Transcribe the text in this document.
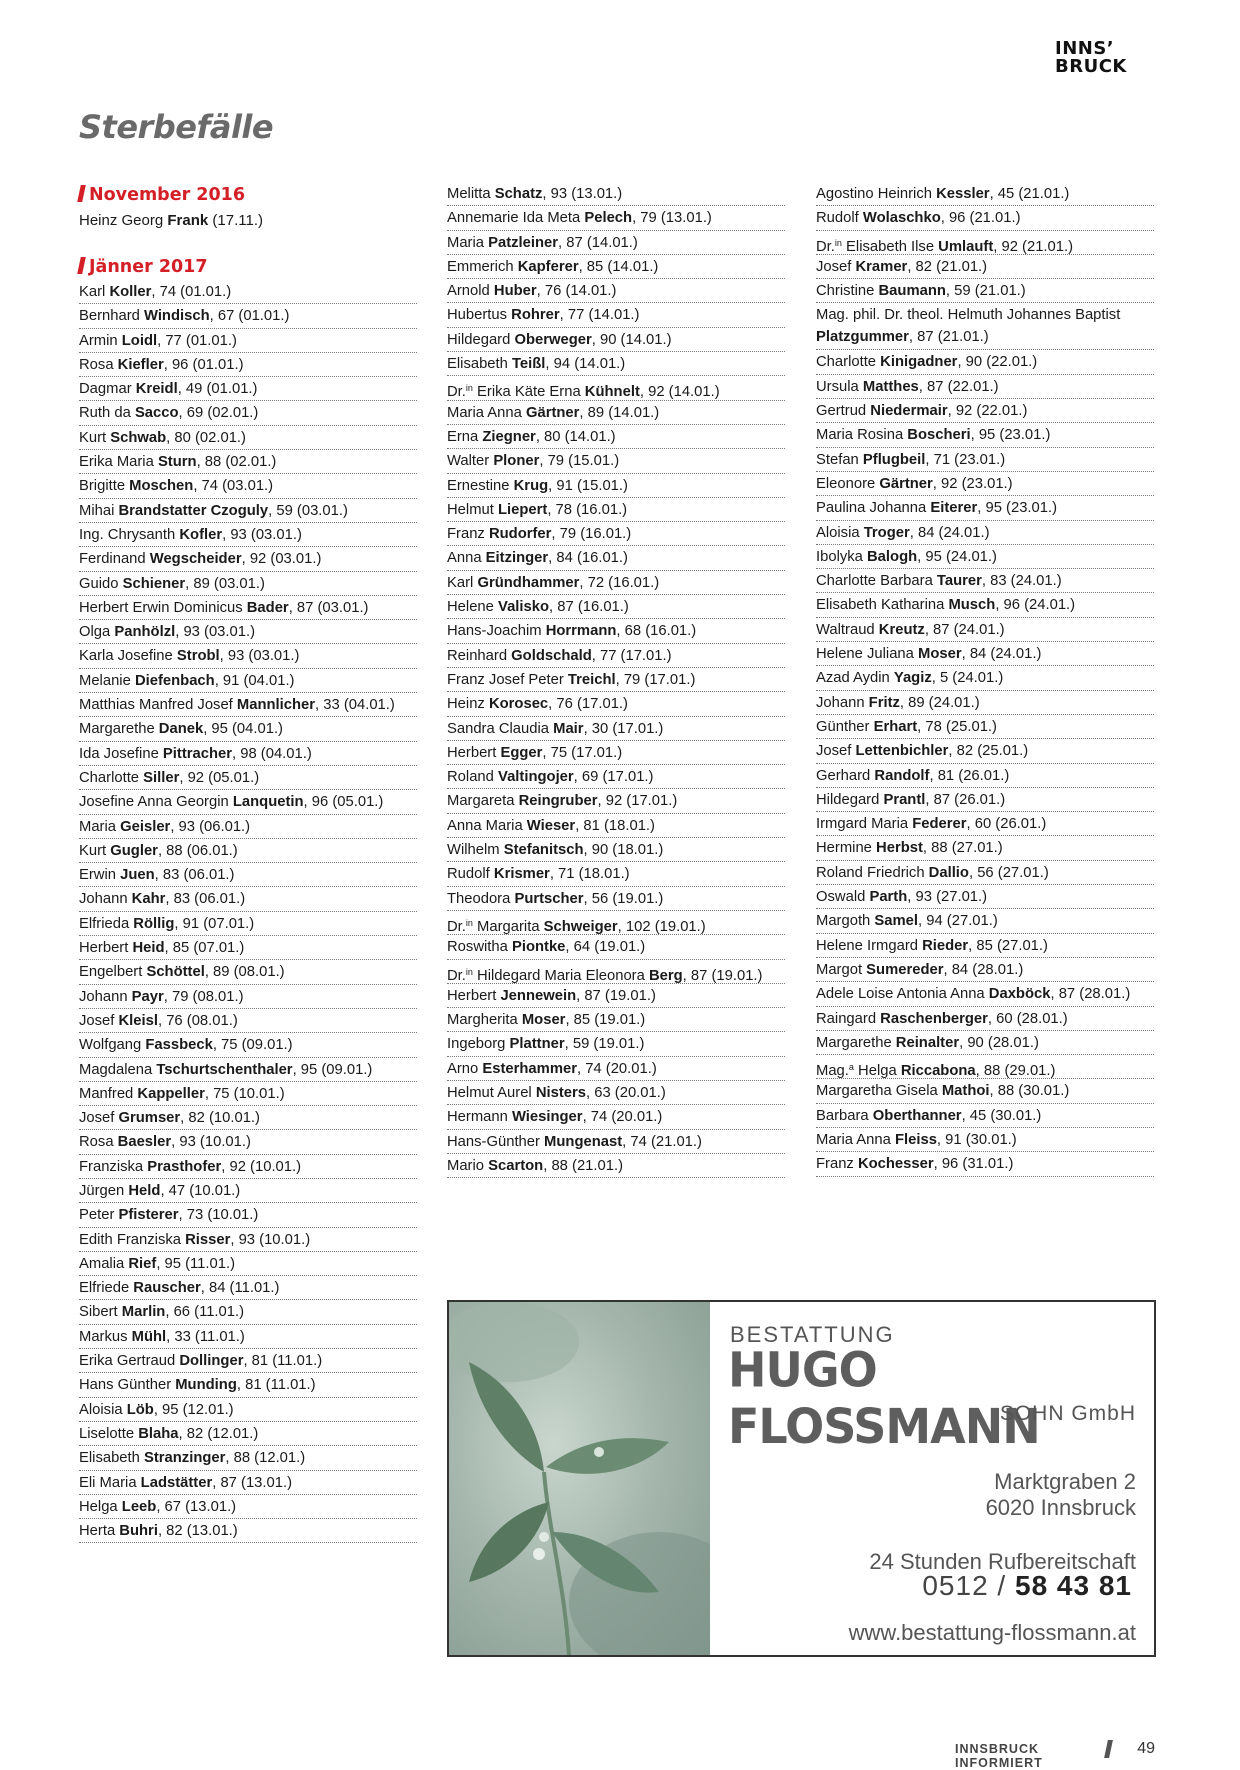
INNS’
BRUCK
Sterbefälle
November 2016
Heinz Georg Frank (17.11.)
Jänner 2017
Karl Koller, 74 (01.01.)
Bernhard Windisch, 67 (01.01.)
Armin Loidl, 77 (01.01.)
Rosa Kiefler, 96 (01.01.)
Dagmar Kreidl, 49 (01.01.)
Ruth da Sacco, 69 (02.01.)
Kurt Schwab, 80 (02.01.)
Erika Maria Sturn, 88 (02.01.)
Brigitte Moschen, 74 (03.01.)
Mihai Brandstatter Czoguly, 59 (03.01.)
Ing. Chrysanth Kofler, 93 (03.01.)
Ferdinand Wegscheider, 92 (03.01.)
Guido Schiener, 89 (03.01.)
Herbert Erwin Dominicus Bader, 87 (03.01.)
Olga Panhölzl, 93 (03.01.)
Karla Josefine Strobl, 93 (03.01.)
Melanie Diefenbach, 91 (04.01.)
Matthias Manfred Josef Mannlicher, 33 (04.01.)
Margarethe Danek, 95 (04.01.)
Ida Josefine Pittracher, 98 (04.01.)
Charlotte Siller, 92 (05.01.)
Josefine Anna Georgin Lanquetin, 96 (05.01.)
Maria Geisler, 93 (06.01.)
Kurt Gugler, 88 (06.01.)
Erwin Juen, 83 (06.01.)
Johann Kahr, 83 (06.01.)
Elfrieda Röllig, 91 (07.01.)
Herbert Heid, 85 (07.01.)
Engelbert Schöttel, 89 (08.01.)
Johann Payr, 79 (08.01.)
Josef Kleisl, 76 (08.01.)
Wolfgang Fassbeck, 75 (09.01.)
Magdalena Tschurtschenthaler, 95 (09.01.)
Manfred Kappeller, 75 (10.01.)
Josef Grumser, 82 (10.01.)
Rosa Baesler, 93 (10.01.)
Franziska Prasthofer, 92 (10.01.)
Jürgen Held, 47 (10.01.)
Peter Pfisterer, 73 (10.01.)
Edith Franziska Risser, 93 (10.01.)
Amalia Rief, 95 (11.01.)
Elfriede Rauscher, 84 (11.01.)
Sibert Marlin, 66 (11.01.)
Markus Mühl, 33 (11.01.)
Erika Gertraud Dollinger, 81 (11.01.)
Hans Günther Munding, 81 (11.01.)
Aloisia Löb, 95 (12.01.)
Liselotte Blaha, 82 (12.01.)
Elisabeth Stranzinger, 88 (12.01.)
Eli Maria Ladstätter, 87 (13.01.)
Helga Leeb, 67 (13.01.)
Herta Buhri, 82 (13.01.)
Melitta Schatz, 93 (13.01.)
Annemarie Ida Meta Pelech, 79 (13.01.)
Maria Patzleiner, 87 (14.01.)
Emmerich Kapferer, 85 (14.01.)
Arnold Huber, 76 (14.01.)
Hubertus Rohrer, 77 (14.01.)
Hildegard Oberweger, 90 (14.01.)
Elisabeth Teißl, 94 (14.01.)
Dr.$^{in}$ Erika Käte Erna Kühnelt, 92 (14.01.)
Maria Anna Gärtner, 89 (14.01.)
Erna Ziegner, 80 (14.01.)
Walter Ploner, 79 (15.01.)
Ernestine Krug, 91 (15.01.)
Helmut Liepert, 78 (16.01.)
Franz Rudorfer, 79 (16.01.)
Anna Eitzinger, 84 (16.01.)
Karl Gründhammer, 72 (16.01.)
Helene Valisko, 87 (16.01.)
Hans-Joachim Horrmann, 68 (16.01.)
Reinhard Goldschald, 77 (17.01.)
Franz Josef Peter Treichl, 79 (17.01.)
Heinz Korosec, 76 (17.01.)
Sandra Claudia Mair, 30 (17.01.)
Herbert Egger, 75 (17.01.)
Roland Valtingojer, 69 (17.01.)
Margareta Reingruber, 92 (17.01.)
Anna Maria Wieser, 81 (18.01.)
Wilhelm Stefanitsch, 90 (18.01.)
Rudolf Krismer, 71 (18.01.)
Theodora Purtscher, 56 (19.01.)
Dr.$^{in}$ Margarita Schweiger, 102 (19.01.)
Roswitha Piontke, 64 (19.01.)
Dr.$^{in}$ Hildegard Maria Eleonora Berg, 87 (19.01.)
Herbert Jennewein, 87 (19.01.)
Margherita Moser, 85 (19.01.)
Ingeborg Plattner, 59 (19.01.)
Arno Esterhammer, 74 (20.01.)
Helmut Aurel Nisters, 63 (20.01.)
Hermann Wiesinger, 74 (20.01.)
Hans-Günther Mungenast, 74 (21.01.)
Mario Scarton, 88 (21.01.)
Agostino Heinrich Kessler, 45 (21.01.)
Rudolf Wolaschko, 96 (21.01.)
Dr.$^{in}$ Elisabeth Ilse Umlauft, 92 (21.01.)
Josef Kramer, 82 (21.01.)
Christine Baumann, 59 (21.01.)
Mag. phil. Dr. theol. Helmuth Johannes Baptist Platzgummer, 87 (21.01.)
Charlotte Kinigadner, 90 (22.01.)
Ursula Matthes, 87 (22.01.)
Gertrud Niedermair, 92 (22.01.)
Maria Rosina Boscheri, 95 (23.01.)
Stefan Pflugbeil, 71 (23.01.)
Eleonore Gärtner, 92 (23.01.)
Paulina Johanna Eiterer, 95 (23.01.)
Aloisia Troger, 84 (24.01.)
Ibolyka Balogh, 95 (24.01.)
Charlotte Barbara Taurer, 83 (24.01.)
Elisabeth Katharina Musch, 96 (24.01.)
Waltraud Kreutz, 87 (24.01.)
Helene Juliana Moser, 84 (24.01.)
Azad Aydin Yagiz, 5 (24.01.)
Johann Fritz, 89 (24.01.)
Günther Erhart, 78 (25.01.)
Josef Lettenbichler, 82 (25.01.)
Gerhard Randolf, 81 (26.01.)
Hildegard Prantl, 87 (26.01.)
Irmgard Maria Federer, 60 (26.01.)
Hermine Herbst, 88 (27.01.)
Roland Friedrich Dallio, 56 (27.01.)
Oswald Parth, 93 (27.01.)
Margoth Samel, 94 (27.01.)
Helene Irmgard Rieder, 85 (27.01.)
Margot Sumereder, 84 (28.01.)
Adele Loise Antonia Anna Daxböck, 87 (28.01.)
Raingard Raschenberger, 60 (28.01.)
Margarethe Reinalter, 90 (28.01.)
Mag.$^a$ Helga Riccabona, 88 (29.01.)
Margaretha Gisela Mathoi, 88 (30.01.)
Barbara Oberthanner, 45 (30.01.)
Maria Anna Fleiss, 91 (30.01.)
Franz Kochesser, 96 (31.01.)
BESTATTUNG
HUGO FLOSSMANN
SOHN GmbH
Marktgraben 2
6020 Innsbruck
24 Stunden Rufbereitschaft
0512 / 58 43 81
www.bestattung-flossmann.at
INNSBRUCK INFORMIERT
49
